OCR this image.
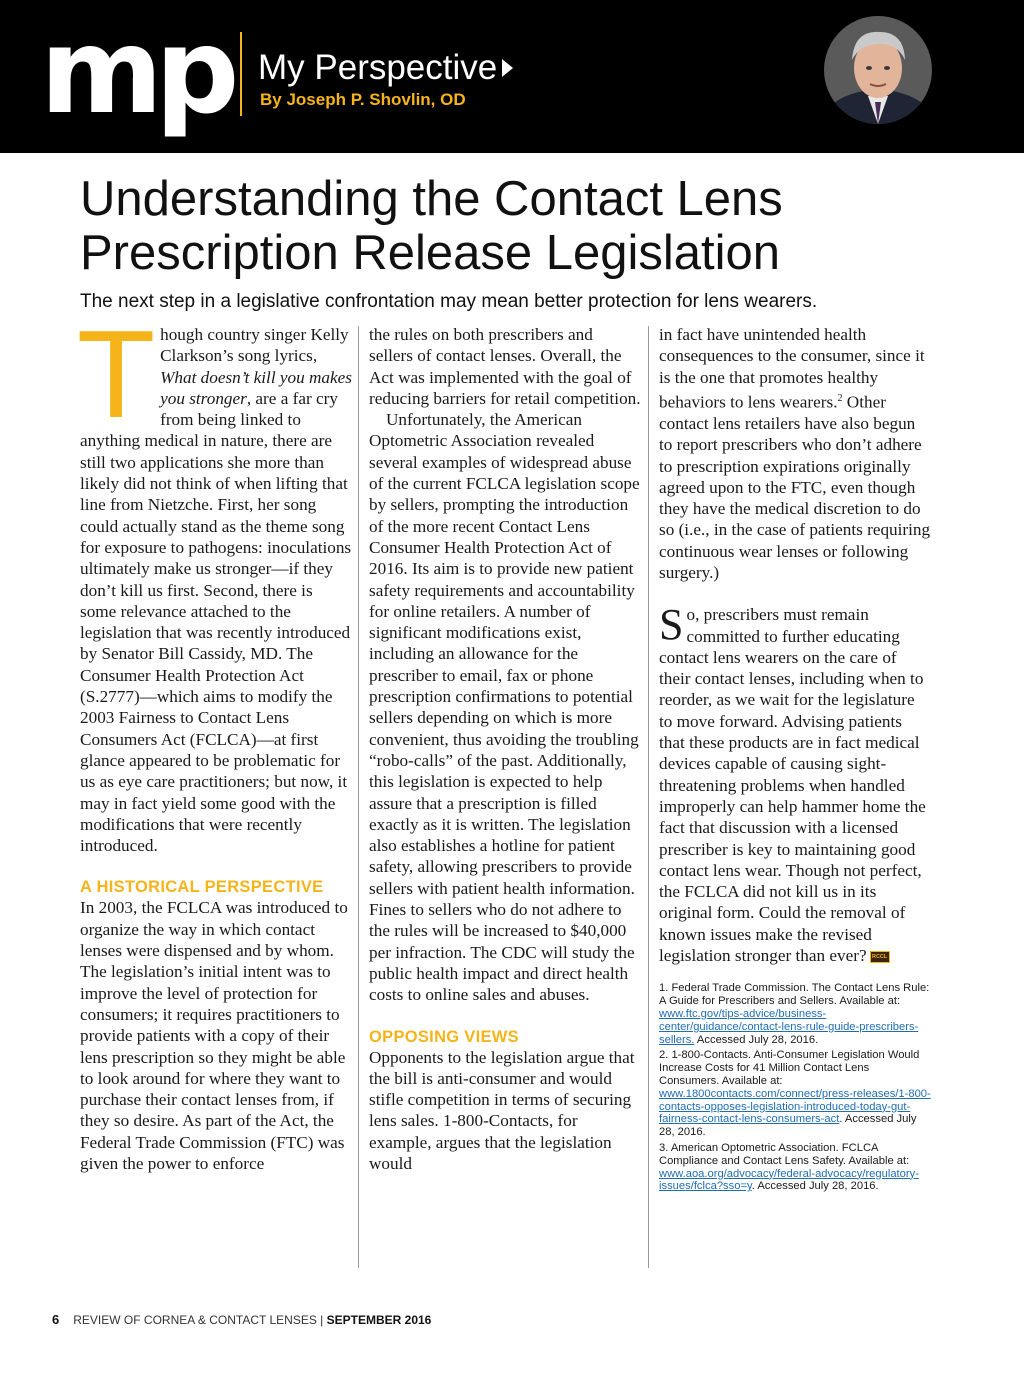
mp My Perspective
By Joseph P. Shovlin, OD
Understanding the Contact Lens Prescription Release Legislation
The next step in a legislative confrontation may mean better protection for lens wearers.

Though country singer Kelly Clarkson’s song lyrics, What doesn’t kill you makes you stronger, are a far cry from being linked to anything medical in nature, there are still two applications she more than likely did not think of when lifting that line from Nietzche. First, her song could actually stand as the theme song for exposure to pathogens: inoculations ultimately make us stronger—if they don’t kill us first. Second, there is some relevance attached to the legislation that was recently introduced by Senator Bill Cassidy, MD. The Consumer Health Protection Act (S.2777)—which aims to modify the 2003 Fairness to Contact Lens Consumers Act (FCLCA)—at first glance appeared to be problematic for us as eye care practitioners; but now, it may in fact yield some good with the modifications that were recently introduced.

A HISTORICAL PERSPECTIVE

In 2003, the FCLCA was introduced to organize the way in which contact lenses were dispensed and by whom. The legislation’s initial intent was to improve the level of protection for consumers; it requires practitioners to provide patients with a copy of their lens prescription so they might be able to look around for where they want to purchase their contact lenses from, if they so desire. As part of the Act, the Federal Trade Commission (FTC) was given the power to enforce

the rules on both prescribers and sellers of contact lenses. Overall, the Act was implemented with the goal of reducing barriers for retail competition.

Unfortunately, the American Optometric Association revealed several examples of widespread abuse of the current FCLCA legislation scope by sellers, prompting the introduction of the more recent Contact Lens Consumer Health Protection Act of 2016. Its aim is to provide new patient safety requirements and accountability for online retailers. A number of significant modifications exist, including an allowance for the prescriber to email, fax or phone prescription confirmations to potential sellers depending on which is more convenient, thus avoiding the troubling “robo-calls” of the past. Additionally, this legislation is expected to help assure that a prescription is filled exactly as it is written. The legislation also establishes a hotline for patient safety, allowing prescribers to provide sellers with patient health information. Fines to sellers who do not adhere to the rules will be increased to $40,000 per infraction. The CDC will study the public health impact and direct health costs to online sales and abuses.

OPPOSING VIEWS

Opponents to the legislation argue that the bill is anti-consumer and would stifle competition in terms of securing lens sales. 1-800-Contacts, for example, argues that the legislation would

in fact have unintended health consequences to the consumer, since it is the one that promotes healthy behaviors to lens wearers.$^2$ Other contact lens retailers have also begun to report prescribers who don’t adhere to prescription expirations originally agreed upon to the FTC, even though they have the medical discretion to do so (i.e., in the case of patients requiring continuous wear lenses or following surgery.)

So, prescribers must remain committed to further educating contact lens wearers on the care of their contact lenses, including when to reorder, as we wait for the legislature to move forward. Advising patients that these products are in fact medical devices capable of causing sight-threatening problems when handled improperly can help hammer home the fact that discussion with a licensed prescriber is key to maintaining good contact lens wear. Though not perfect, the FCLCA did not kill us in its original form. Could the removal of known issues make the revised legislation stronger than ever? RCCL

1. Federal Trade Commission. The Contact Lens Rule: A Guide for Prescribers and Sellers. Available at: www.ftc.gov/tips-advice/business-center/guidance/contact-lens-rule-guide-prescribers-sellers. Accessed July 28, 2016.

2. 1-800-Contacts. Anti-Consumer Legislation Would Increase Costs for 41 Million Contact Lens Consumers. Available at: www.1800contacts.com/connect/press-releases/1-800-contacts-opposes-legislation-introduced-today-gut-fairness-contact-lens-consumers-act. Accessed July 28, 2016.

3. American Optometric Association. FCLCA Compliance and Contact Lens Safety. Available at: www.aoa.org/advocacy/federal-advocacy/regulatory-issues/fclca?sso=y. Accessed July 28, 2016.

6 REVIEW OF CORNEA & CONTACT LENSES | SEPTEMBER 2016
